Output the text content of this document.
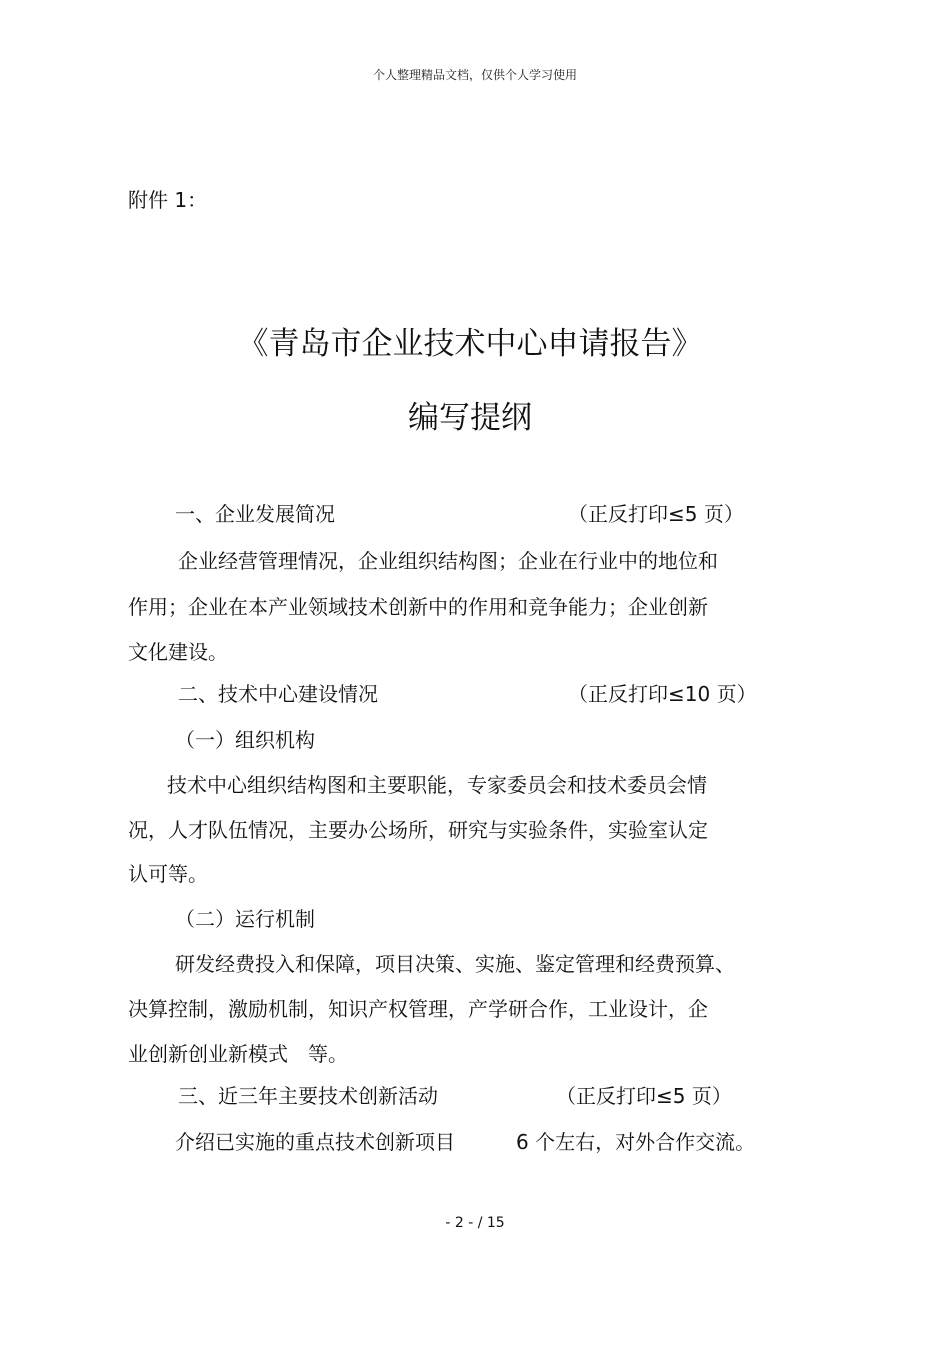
个人整理精品文档，仅供个人学习使用
附件 1：
《青岛市企业技术中心申请报告》
编写提纲
一、企业发展简况	（正反打印≤5 页）
企业经营管理情况，企业组织结构图；企业在行业中的地位和
作用；企业在本产业领域技术创新中的作用和竞争能力；企业创新
文化建设。
二、技术中心建设情况	（正反打印≤10 页）
（一）组织机构
技术中心组织结构图和主要职能，专家委员会和技术委员会情
况，人才队伍情况，主要办公场所，研究与实验条件，实验室认定
认可等。
（二）运行机制
研发经费投入和保障，项目决策、实施、鉴定管理和经费预算、
决算控制，激励机制，知识产权管理，产学研合作，工业设计，企
业创新创业新模式　等。
三、近三年主要技术创新活动	（正反打印≤5 页）
介绍已实施的重点技术创新项目	6 个左右，对外合作交流。
- 2 - / 15
